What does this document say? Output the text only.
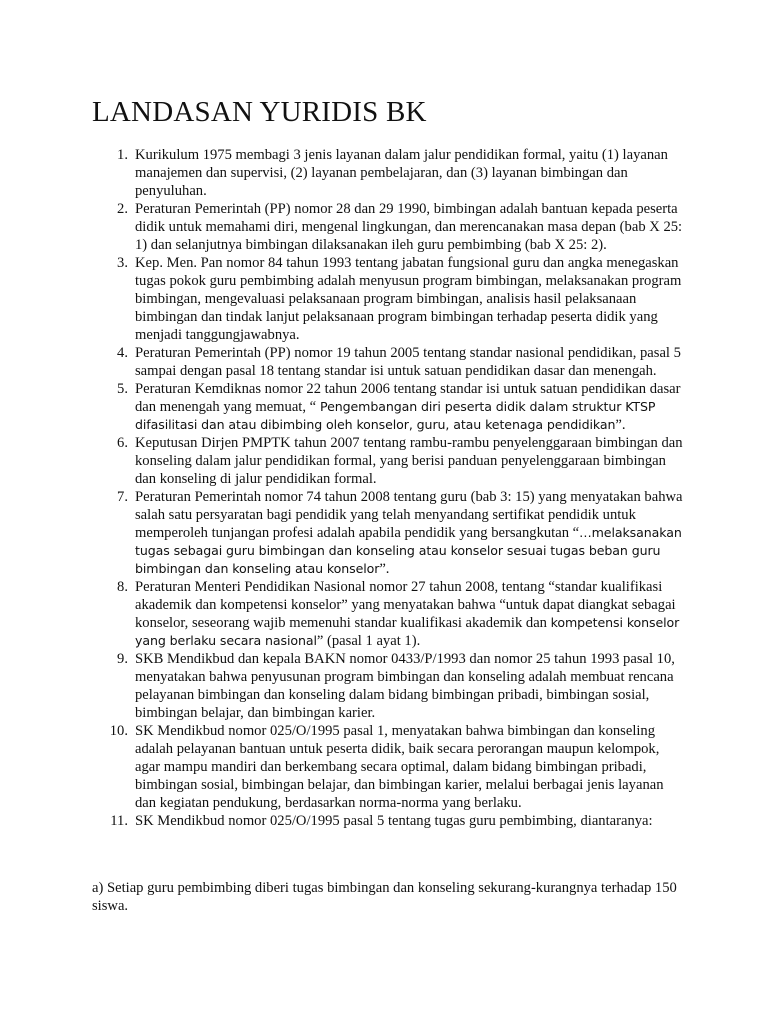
LANDASAN YURIDIS BK
1. Kurikulum 1975 membagi 3 jenis layanan dalam jalur pendidikan formal, yaitu (1) layanan manajemen dan supervisi, (2) layanan pembelajaran, dan (3) layanan bimbingan dan penyuluhan.
2. Peraturan Pemerintah (PP) nomor 28 dan 29 1990, bimbingan adalah bantuan kepada peserta didik untuk memahami diri, mengenal lingkungan, dan merencanakan masa depan (bab X 25: 1) dan selanjutnya bimbingan dilaksanakan ileh guru pembimbing (bab X 25: 2).
3. Kep. Men. Pan nomor 84 tahun 1993 tentang jabatan fungsional guru dan angka menegaskan tugas pokok guru pembimbing adalah menyusun program bimbingan, melaksanakan program bimbingan, mengevaluasi pelaksanaan program bimbingan, analisis hasil pelaksanaan bimbingan dan tindak lanjut pelaksanaan program bimbingan terhadap peserta didik yang menjadi tanggungjawabnya.
4. Peraturan Pemerintah (PP) nomor 19 tahun 2005 tentang standar nasional pendidikan, pasal 5 sampai dengan pasal 18 tentang standar isi untuk satuan pendidikan dasar dan menengah.
5. Peraturan Kemdiknas nomor 22 tahun 2006 tentang standar isi untuk satuan pendidikan dasar dan menengah yang memuat, “ Pengembangan diri peserta didik dalam struktur KTSP difasilitasi dan atau dibimbing oleh konselor, guru, atau ketenaga pendidikan”.
6. Keputusan Dirjen PMPTK tahun 2007 tentang rambu-rambu penyelenggaraan bimbingan dan konseling dalam jalur pendidikan formal, yang berisi panduan penyelenggaraan bimbingan dan konseling di jalur pendidikan formal.
7. Peraturan Pemerintah nomor 74 tahun 2008 tentang guru (bab 3: 15) yang menyatakan bahwa salah satu persyaratan bagi pendidik yang telah menyandang sertifikat pendidik untuk memperoleh tunjangan profesi adalah apabila pendidik yang bersangkutan “…melaksanakan tugas sebagai guru bimbingan dan konseling atau konselor sesuai tugas beban guru bimbingan dan konseling atau konselor”.
8. Peraturan Menteri Pendidikan Nasional nomor 27 tahun 2008, tentang “standar kualifikasi akademik dan kompetensi konselor” yang menyatakan bahwa “untuk dapat diangkat sebagai konselor, seseorang wajib memenuhi standar kualifikasi akademik dan kompetensi konselor yang berlaku secara nasional” (pasal 1 ayat 1).
9. SKB Mendikbud dan kepala BAKN nomor 0433/P/1993 dan nomor 25 tahun 1993 pasal 10, menyatakan bahwa penyusunan program bimbingan dan konseling adalah membuat rencana pelayanan bimbingan dan konseling dalam bidang bimbingan pribadi, bimbingan sosial, bimbingan belajar, dan bimbingan karier.
10. SK Mendikbud nomor 025/O/1995 pasal 1, menyatakan bahwa bimbingan dan konseling adalah pelayanan bantuan untuk peserta didik, baik secara perorangan maupun kelompok, agar mampu mandiri dan berkembang secara optimal, dalam bidang bimbingan pribadi, bimbingan sosial, bimbingan belajar, dan bimbingan karier, melalui berbagai jenis layanan dan kegiatan pendukung, berdasarkan norma-norma yang berlaku.
11. SK Mendikbud nomor 025/O/1995 pasal 5 tentang tugas guru pembimbing, diantaranya:

a) Setiap guru pembimbing diberi tugas bimbingan dan konseling sekurang-kurangnya terhadap 150 siswa.
